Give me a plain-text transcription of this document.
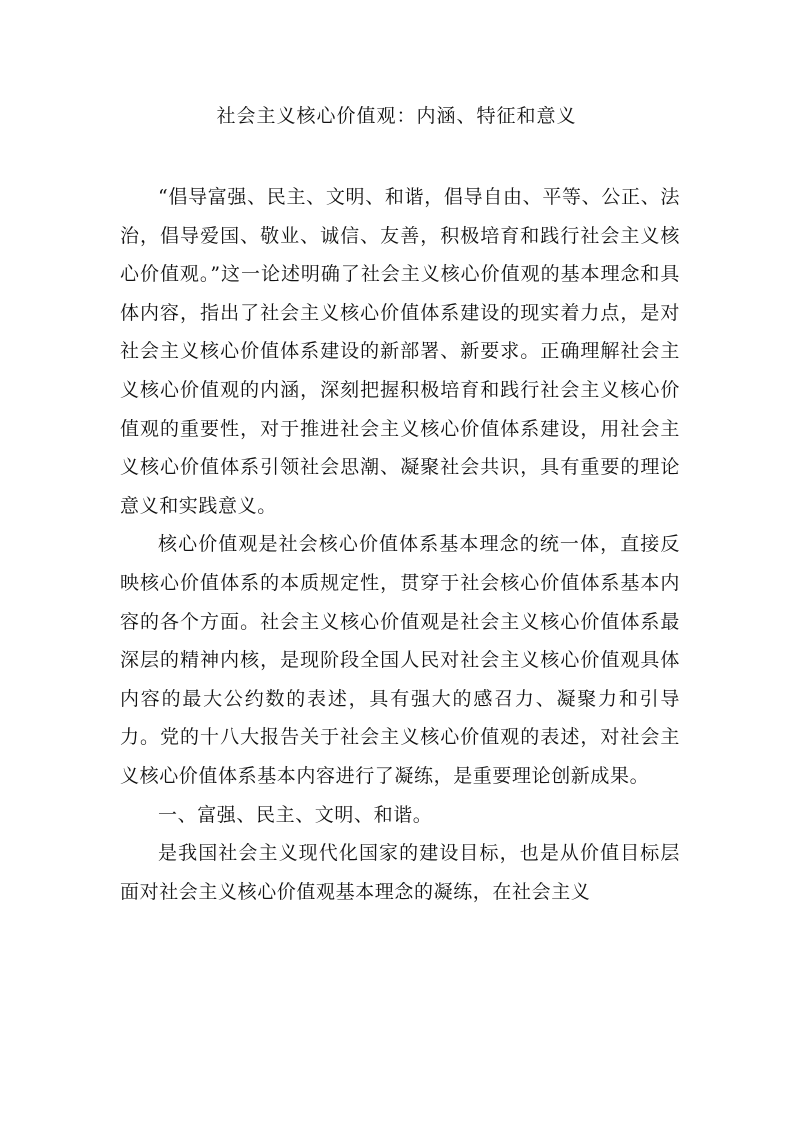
社会主义核心价值观：内涵、特征和意义

“倡导富强、民主、文明、和谐，倡导自由、平等、公正、法治，倡导爱国、敬业、诚信、友善，积极培育和践行社会主义核心价值观。”这一论述明确了社会主义核心价值观的基本理念和具体内容，指出了社会主义核心价值体系建设的现实着力点，是对社会主义核心价值体系建设的新部署、新要求。正确理解社会主义核心价值观的内涵，深刻把握积极培育和践行社会主义核心价值观的重要性，对于推进社会主义核心价值体系建设，用社会主义核心价值体系引领社会思潮、凝聚社会共识，具有重要的理论意义和实践意义。

核心价值观是社会核心价值体系基本理念的统一体，直接反映核心价值体系的本质规定性，贯穿于社会核心价值体系基本内容的各个方面。社会主义核心价值观是社会主义核心价值体系最深层的精神内核，是现阶段全国人民对社会主义核心价值观具体内容的最大公约数的表述，具有强大的感召力、凝聚力和引导力。党的十八大报告关于社会主义核心价值观的表述，对社会主义核心价值体系基本内容进行了凝练，是重要理论创新成果。

一、富强、民主、文明、和谐。

是我国社会主义现代化国家的建设目标，也是从价值目标层面对社会主义核心价值观基本理念的凝练，在社会主义
